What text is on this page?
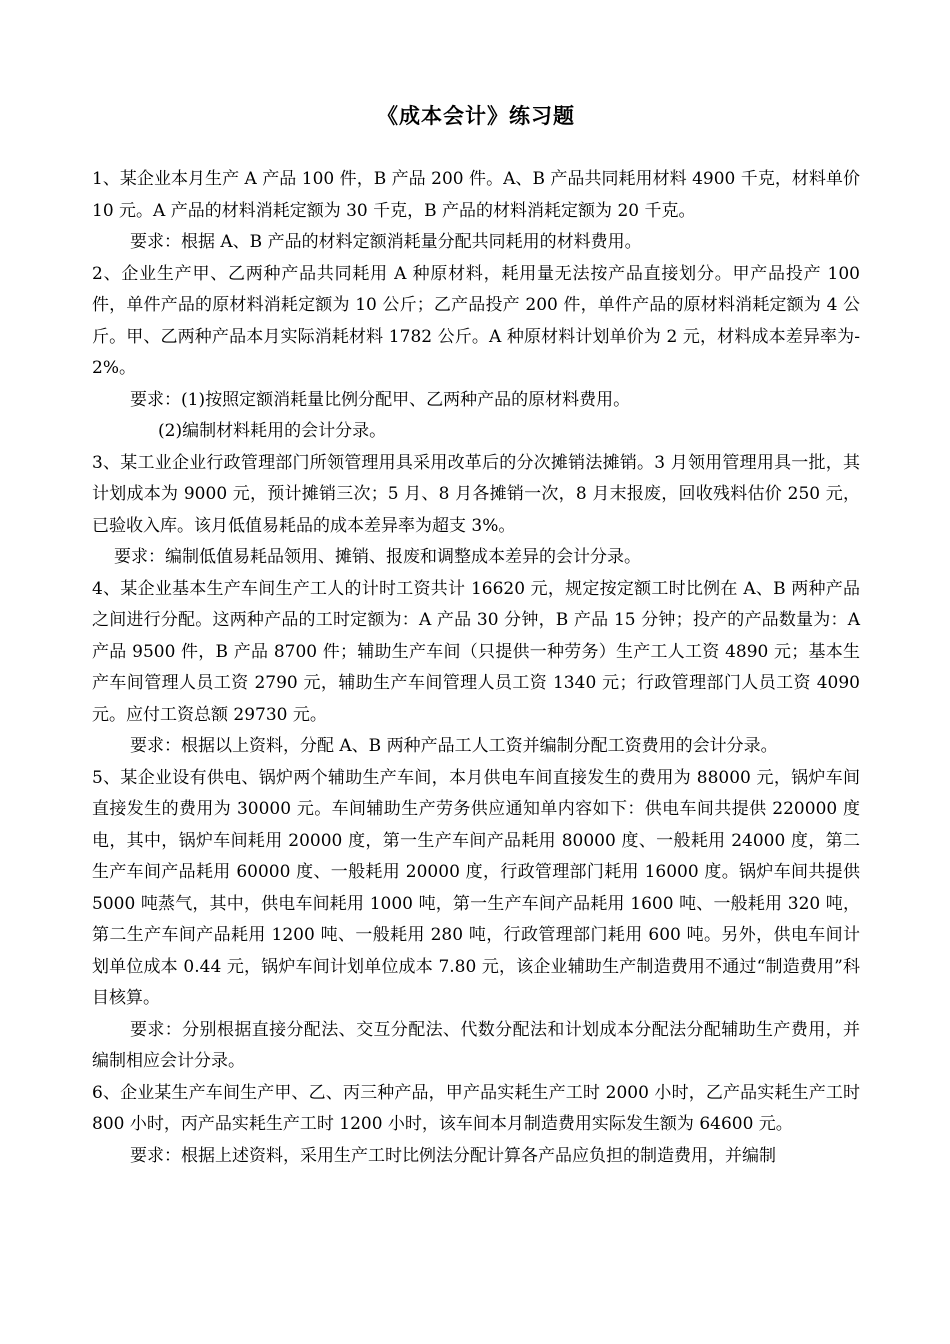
《成本会计》练习题

1、某企业本月生产 A 产品 100 件，B 产品 200 件。A、B 产品共同耗用材料 4900 千克，材料单价 10 元。A 产品的材料消耗定额为 30 千克，B 产品的材料消耗定额为 20 千克。

要求：根据 A、B 产品的材料定额消耗量分配共同耗用的材料费用。

2、企业生产甲、乙两种产品共同耗用 A 种原材料，耗用量无法按产品直接划分。甲产品投产 100 件，单件产品的原材料消耗定额为 10 公斤；乙产品投产 200 件，单件产品的原材料消耗定额为 4 公斤。甲、乙两种产品本月实际消耗材料 1782 公斤。A 种原材料计划单价为 2 元，材料成本差异率为-2%。

要求：(1)按照定额消耗量比例分配甲、乙两种产品的原材料费用。

(2)编制材料耗用的会计分录。

3、某工业企业行政管理部门所领管理用具采用改革后的分次摊销法摊销。3 月领用管理用具一批，其计划成本为 9000 元，预计摊销三次；5 月、8 月各摊销一次，8 月末报废，回收残料估价 250 元，已验收入库。该月低值易耗品的成本差异率为超支 3%。

要求：编制低值易耗品领用、摊销、报废和调整成本差异的会计分录。

4、某企业基本生产车间生产工人的计时工资共计 16620 元，规定按定额工时比例在 A、B 两种产品之间进行分配。这两种产品的工时定额为：A 产品 30 分钟，B 产品 15 分钟；投产的产品数量为：A 产品 9500 件，B 产品 8700 件；辅助生产车间（只提供一种劳务）生产工人工资 4890 元；基本生产车间管理人员工资 2790 元，辅助生产车间管理人员工资 1340 元；行政管理部门人员工资 4090 元。应付工资总额 29730 元。

要求：根据以上资料，分配 A、B 两种产品工人工资并编制分配工资费用的会计分录。

5、某企业设有供电、锅炉两个辅助生产车间，本月供电车间直接发生的费用为 88000 元，锅炉车间直接发生的费用为 30000 元。车间辅助生产劳务供应通知单内容如下：供电车间共提供 220000 度电，其中，锅炉车间耗用 20000 度，第一生产车间产品耗用 80000 度、一般耗用 24000 度，第二生产车间产品耗用 60000 度、一般耗用 20000 度，行政管理部门耗用 16000 度。锅炉车间共提供 5000 吨蒸气，其中，供电车间耗用 1000 吨，第一生产车间产品耗用 1600 吨、一般耗用 320 吨，第二生产车间产品耗用 1200 吨、一般耗用 280 吨，行政管理部门耗用 600 吨。另外，供电车间计划单位成本 0.44 元，锅炉车间计划单位成本 7.80 元，该企业辅助生产制造费用不通过“制造费用”科目核算。

要求：分别根据直接分配法、交互分配法、代数分配法和计划成本分配法分配辅助生产费用，并编制相应会计分录。

6、企业某生产车间生产甲、乙、丙三种产品，甲产品实耗生产工时 2000 小时，乙产品实耗生产工时 800 小时，丙产品实耗生产工时 1200 小时，该车间本月制造费用实际发生额为 64600 元。

要求：根据上述资料，采用生产工时比例法分配计算各产品应负担的制造费用，并编制
